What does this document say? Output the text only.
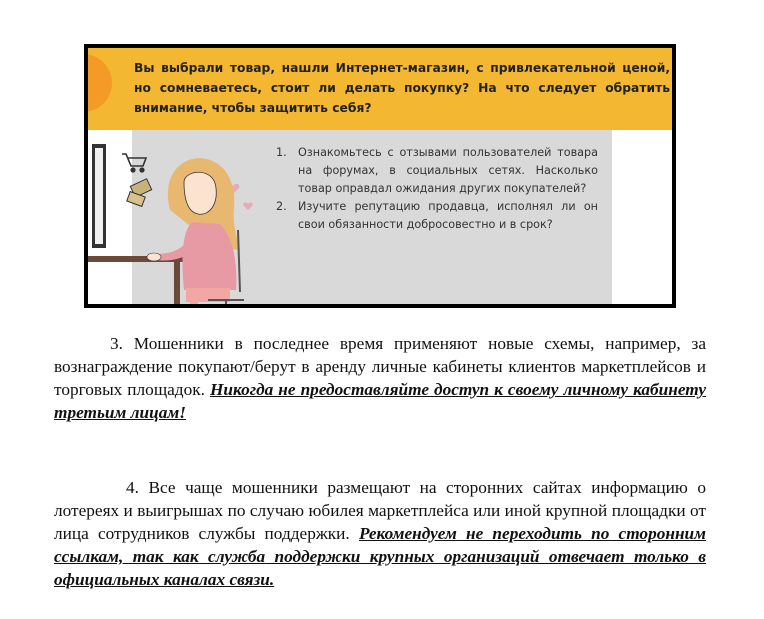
Вы выбрали товар, нашли Интернет-магазин, с привлекательной ценой, но сомневаетесь, стоит ли делать покупку? На что следует обратить внимание, чтобы защитить себя?
1. Ознакомьтесь с отзывами пользователей товара на форумах, в социальных сетях. Насколько товар оправдал ожидания других покупателей?
2. Изучите репутацию продавца, исполнял ли он свои обязанности добросовестно и в срок?

3. Мошенники в последнее время применяют новые схемы, например, за вознаграждение покупают/берут в аренду личные кабинеты клиентов маркетплейсов и торговых площадок. Никогда не предоставляйте доступ к своему личному кабинету третьим лицам!

4. Все чаще мошенники размещают на сторонних сайтах информацию о лотереях и выигрышах по случаю юбилея маркетплейса или иной крупной площадки от лица сотрудников службы поддержки. Рекомендуем не переходить по сторонним ссылкам, так как служба поддержки крупных организаций отвечает только в официальных каналах связи.
